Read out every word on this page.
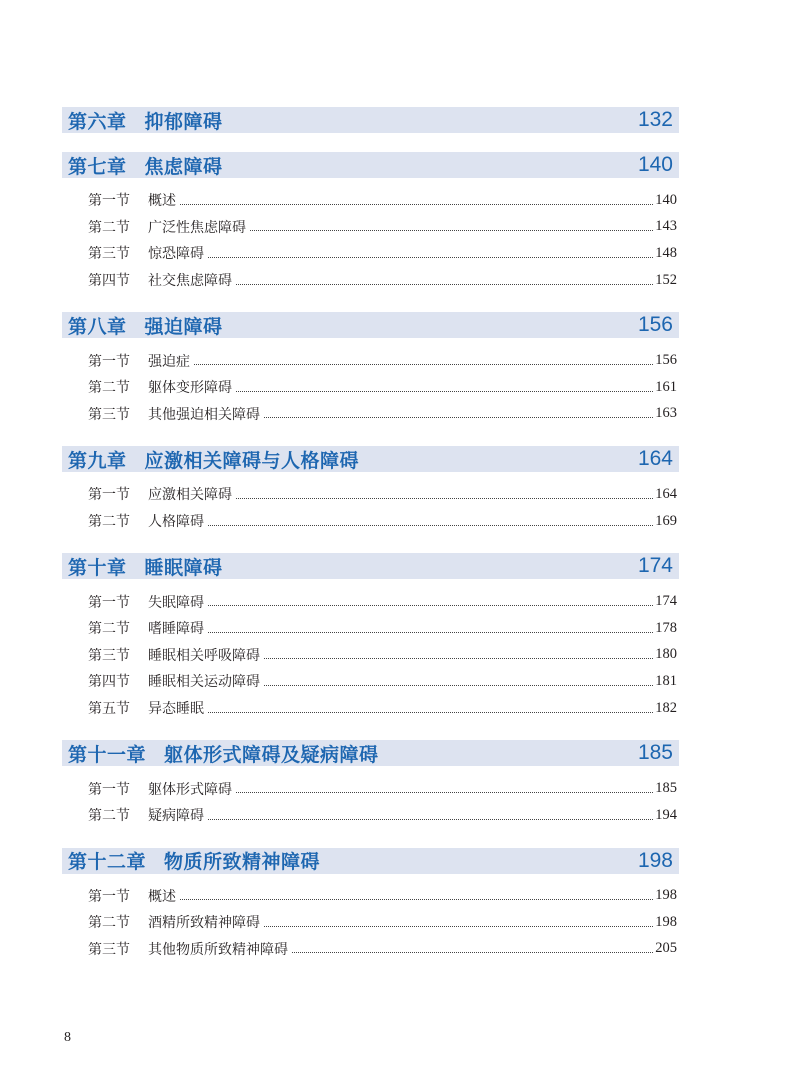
第六章 抑郁障碍	132
第七章 焦虑障碍	140
第一节	概述	140
第二节	广泛性焦虑障碍	143
第三节	惊恐障碍	148
第四节	社交焦虑障碍	152
第八章 强迫障碍	156
第一节	强迫症	156
第二节	躯体变形障碍	161
第三节	其他强迫相关障碍	163
第九章 应激相关障碍与人格障碍	164
第一节	应激相关障碍	164
第二节	人格障碍	169
第十章 睡眠障碍	174
第一节	失眠障碍	174
第二节	嗜睡障碍	178
第三节	睡眠相关呼吸障碍	180
第四节	睡眠相关运动障碍	181
第五节	异态睡眠	182
第十一章 躯体形式障碍及疑病障碍	185
第一节	躯体形式障碍	185
第二节	疑病障碍	194
第十二章 物质所致精神障碍	198
第一节	概述	198
第二节	酒精所致精神障碍	198
第三节	其他物质所致精神障碍	205
8
